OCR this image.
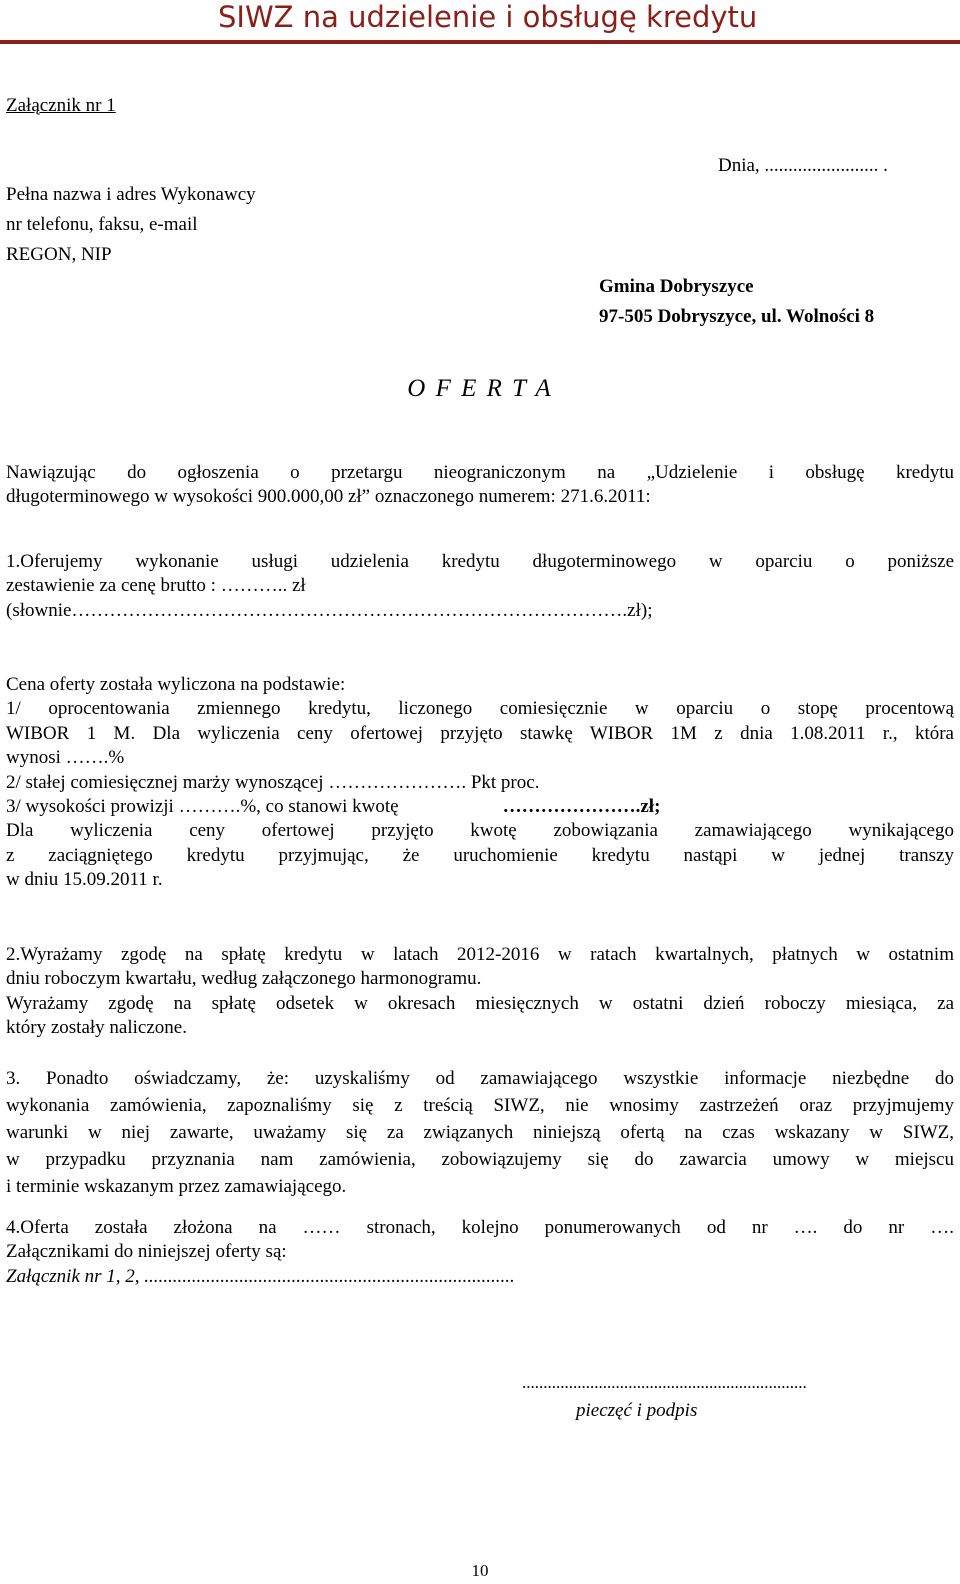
SIWZ na udzielenie i obsługę kredytu
Załącznik nr 1
Dnia, ........................ .
Pełna nazwa i adres Wykonawcy
nr telefonu, faksu, e-mail
REGON, NIP
Gmina Dobryszyce
97-505 Dobryszyce, ul. Wolności 8
O F E R T A
Nawiązując do ogłoszenia o przetargu nieograniczonym na „Udzielenie i obsługę kredytu
długoterminowego w wysokości 900.000,00 zł” oznaczonego numerem: 271.6.2011:
1.Oferujemy wykonanie usługi udzielenia kredytu długoterminowego w oparciu o poniższe
zestawienie za cenę brutto : ……….. zł
(słownie…………………………………………………………………………….zł);
Cena oferty została wyliczona na podstawie:
1/ oprocentowania zmiennego kredytu, liczonego comiesięcznie w oparciu o stopę procentową
WIBOR 1 M. Dla wyliczenia ceny ofertowej przyjęto stawkę WIBOR 1M z dnia 1.08.2011 r., która
wynosi …….%
2/ stałej comiesięcznej marży wynoszącej …………………. Pkt proc.
3/ wysokości prowizji ……….%, co stanowi kwotę	………………….zł;
Dla wyliczenia ceny ofertowej przyjęto kwotę zobowiązania zamawiającego wynikającego
z zaciągniętego kredytu przyjmując, że uruchomienie kredytu nastąpi w jednej transzy
w dniu 15.09.2011 r.
2.Wyrażamy zgodę na spłatę kredytu w latach 2012-2016 w ratach kwartalnych, płatnych w ostatnim
dniu roboczym kwartału, według załączonego harmonogramu.
Wyrażamy zgodę na spłatę odsetek w okresach miesięcznych w ostatni dzień roboczy miesiąca, za
który zostały naliczone.
3. Ponadto oświadczamy, że: uzyskaliśmy od zamawiającego wszystkie informacje niezbędne do
wykonania zamówienia, zapoznaliśmy się z treścią SIWZ, nie wnosimy zastrzeżeń oraz przyjmujemy
warunki w niej zawarte, uważamy się za związanych niniejszą ofertą na czas wskazany w SIWZ,
w przypadku przyznania nam zamówienia, zobowiązujemy się do zawarcia umowy w miejscu
i terminie wskazanym przez zamawiającego.
4.Oferta została złożona na …… stronach, kolejno ponumerowanych od nr …. do nr ….
Załącznikami do niniejszej oferty są:
Załącznik nr 1, 2, ..............................................................................
...................................................................
pieczęć i podpis
10
